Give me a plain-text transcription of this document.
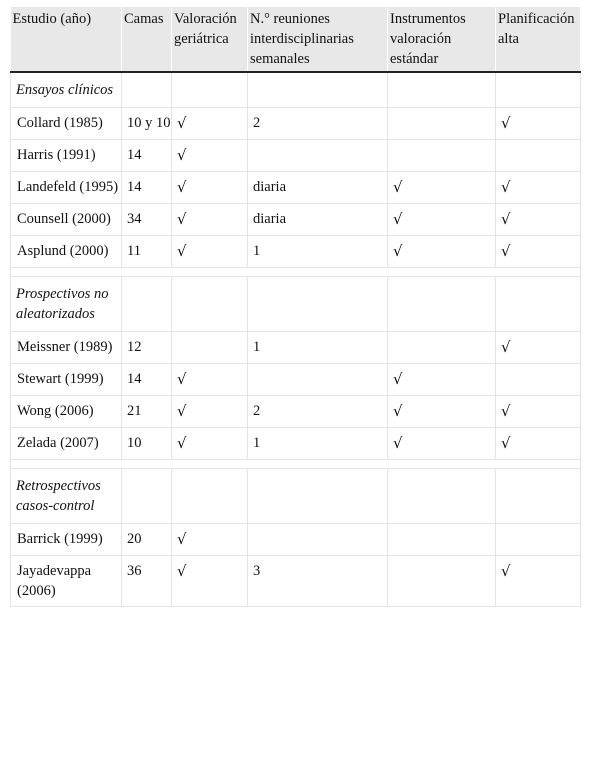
Estudio (año)	Camas	Valoración geriátrica	N.° reuniones interdisciplinarias semanales	Instrumentos valoración estándar	Planificación alta
Ensayos clínicos					
Collard (1985)	10 y 10	√	2		√
Harris (1991)	14	√			
Landefeld (1995)	14	√	diaria	√	√
Counsell (2000)	34	√	diaria	√	√
Asplund (2000)	11	√	1	√	√

Prospectivos no aleatorizados					
Meissner (1989)	12		1		√
Stewart (1999)	14	√		√	
Wong (2006)	21	√	2	√	√
Zelada (2007)	10	√	1	√	√

Retrospectivos casos-control					
Barrick (1999)	20	√			
Jayadevappa (2006)	36	√	3		√
